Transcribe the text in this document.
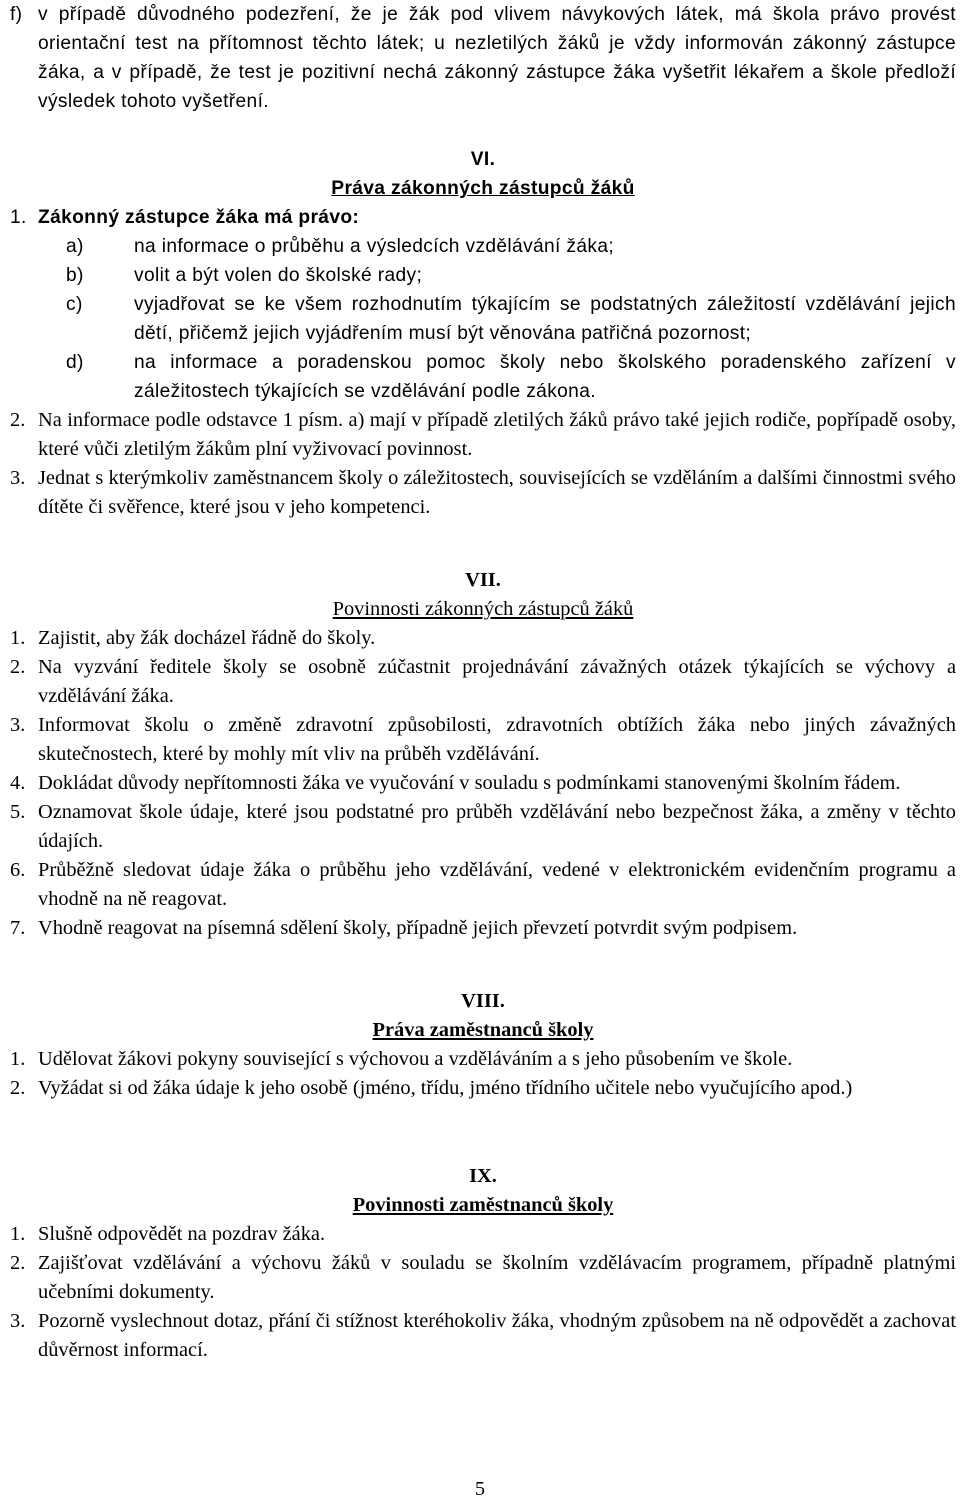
f) v případě důvodného podezření, že je žák pod vlivem návykových látek, má škola právo provést orientační test na přítomnost těchto látek; u nezletilých žáků je vždy informován zákonný zástupce žáka, a v případě, že test je pozitivní nechá zákonný zástupce žáka vyšetřit lékařem a škole předloží výsledek tohoto vyšetření.
VI.
Práva zákonných zástupců žáků
1. Zákonný zástupce žáka má právo:
a)	na informace o průběhu a výsledcích vzdělávání žáka;
b)	volit a být volen do školské rady;
c)	vyjadřovat se ke všem rozhodnutím týkajícím se podstatných záležitostí vzdělávání jejich dětí, přičemž jejich vyjádřením musí být věnována patřičná pozornost;
d)	na informace a poradenskou pomoc školy nebo školského poradenského zařízení v záležitostech týkajících se vzdělávání podle zákona.
2. Na informace podle odstavce 1 písm. a) mají v případě zletilých žáků právo také jejich rodiče, popřípadě osoby, které vůči zletilým žákům plní vyživovací povinnost.
3. Jednat s kterýmkoliv zaměstnancem školy o záležitostech, souvisejících se vzděláním a dalšími činnostmi svého dítěte či svěřence, které jsou v jeho kompetenci.
VII.
Povinnosti zákonných zástupců žáků
1. Zajistit, aby žák docházel řádně do školy.
2. Na vyzvání ředitele školy se osobně zúčastnit projednávání závažných otázek týkajících se výchovy a vzdělávání žáka.
3. Informovat školu o změně zdravotní způsobilosti, zdravotních obtížích žáka nebo jiných závažných skutečnostech, které by mohly mít vliv na průběh vzdělávání.
4. Dokládat důvody nepřítomnosti žáka ve vyučování v souladu s podmínkami stanovenými školním řádem.
5. Oznamovat škole údaje, které jsou podstatné pro průběh vzdělávání nebo bezpečnost žáka, a změny v těchto údajích.
6. Průběžně sledovat údaje žáka o průběhu jeho vzdělávání, vedené v elektronickém evidenčním programu a vhodně na ně reagovat.
7. Vhodně reagovat na písemná sdělení školy, případně jejich převzetí potvrdit svým podpisem.
VIII.
Práva zaměstnanců školy
1. Udělovat žákovi pokyny související s výchovou a vzděláváním a s jeho působením ve škole.
2. Vyžádat si od žáka údaje k jeho osobě (jméno, třídu, jméno třídního učitele nebo vyučujícího apod.)
IX.
Povinnosti zaměstnanců školy
1. Slušně odpovědět na pozdrav žáka.
2. Zajišťovat vzdělávání a výchovu žáků v souladu se školním vzdělávacím programem, případně platnými učebními dokumenty.
3. Pozorně vyslechnout dotaz, přání či stížnost kteréhokoliv žáka, vhodným způsobem na ně odpovědět a zachovat důvěrnost informací.
5
